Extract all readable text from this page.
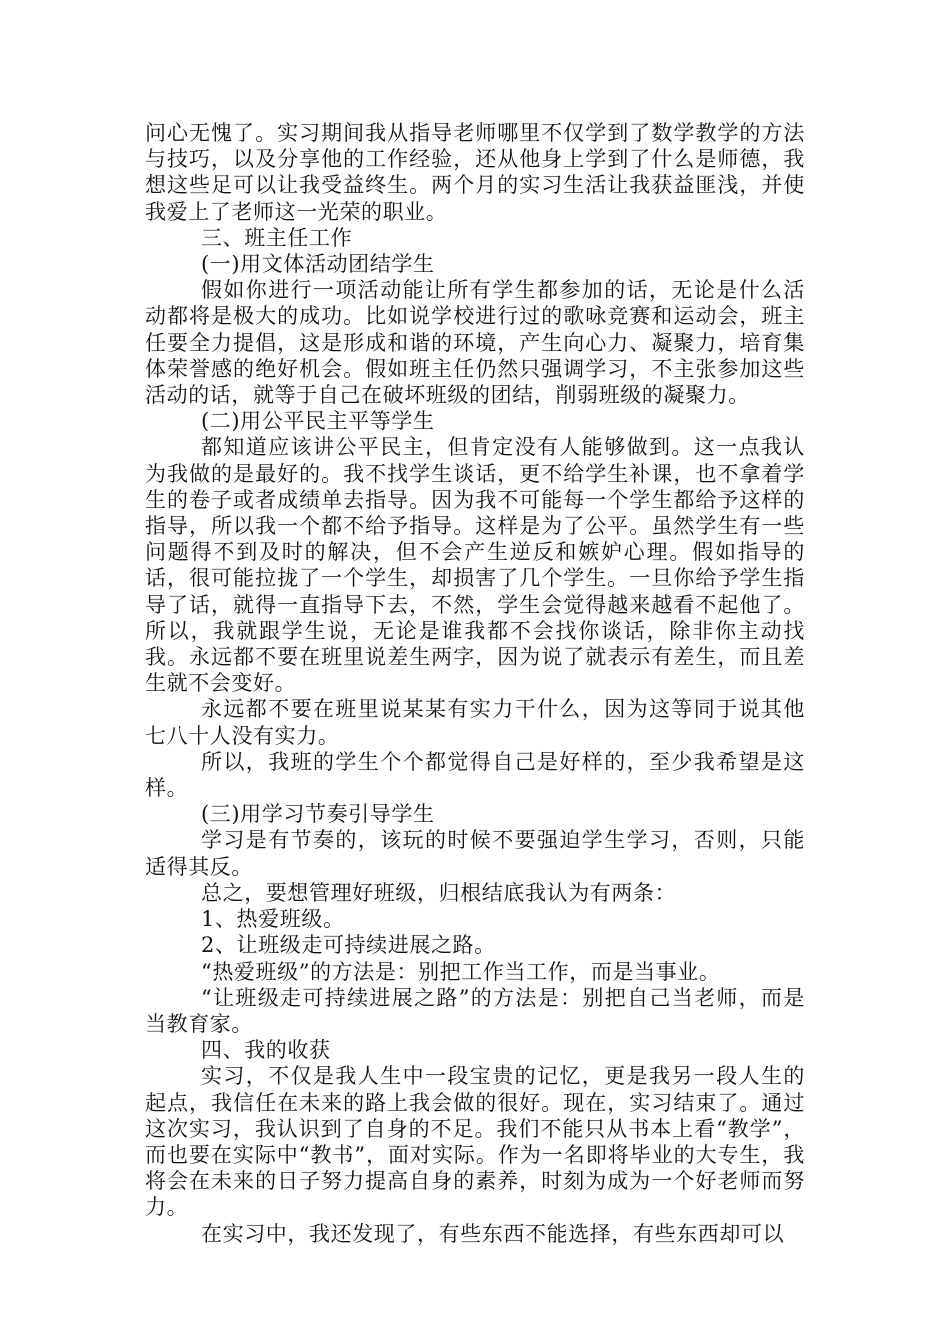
问心无愧了。实习期间我从指导老师哪里不仅学到了数学教学的方法与技巧，以及分享他的工作经验，还从他身上学到了什么是师德，我想这些足可以让我受益终生。两个月的实习生活让我获益匪浅，并使我爱上了老师这一光荣的职业。

三、班主任工作

(一)用文体活动团结学生

假如你进行一项活动能让所有学生都参加的话，无论是什么活动都将是极大的成功。比如说学校进行过的歌咏竞赛和运动会，班主任要全力提倡，这是形成和谐的环境，产生向心力、凝聚力，培育集体荣誉感的绝好机会。假如班主任仍然只强调学习，不主张参加这些活动的话，就等于自己在破坏班级的团结，削弱班级的凝聚力。

(二)用公平民主平等学生

都知道应该讲公平民主，但肯定没有人能够做到。这一点我认为我做的是最好的。我不找学生谈话，更不给学生补课，也不拿着学生的卷子或者成绩单去指导。因为我不可能每一个学生都给予这样的指导，所以我一个都不给予指导。这样是为了公平。虽然学生有一些问题得不到及时的解决，但不会产生逆反和嫉妒心理。假如指导的话，很可能拉拢了一个学生，却损害了几个学生。一旦你给予学生指导了话，就得一直指导下去，不然，学生会觉得越来越看不起他了。所以，我就跟学生说，无论是谁我都不会找你谈话，除非你主动找我。永远都不要在班里说差生两字，因为说了就表示有差生，而且差生就不会变好。

永远都不要在班里说某某有实力干什么，因为这等同于说其他七八十人没有实力。

所以，我班的学生个个都觉得自己是好样的，至少我希望是这样。

(三)用学习节奏引导学生

学习是有节奏的，该玩的时候不要强迫学生学习，否则，只能适得其反。

总之，要想管理好班级，归根结底我认为有两条：

1、热爱班级。

2、让班级走可持续进展之路。

“热爱班级”的方法是：别把工作当工作，而是当事业。

“让班级走可持续进展之路”的方法是：别把自己当老师，而是当教育家。

四、我的收获

实习，不仅是我人生中一段宝贵的记忆，更是我另一段人生的起点，我信任在未来的路上我会做的很好。现在，实习结束了。通过这次实习，我认识到了自身的不足。我们不能只从书本上看“教学”，而也要在实际中“教书”，面对实际。作为一名即将毕业的大专生，我将会在未来的日子努力提高自身的素养，时刻为成为一个好老师而努力。

在实习中，我还发现了，有些东西不能选择，有些东西却可以
